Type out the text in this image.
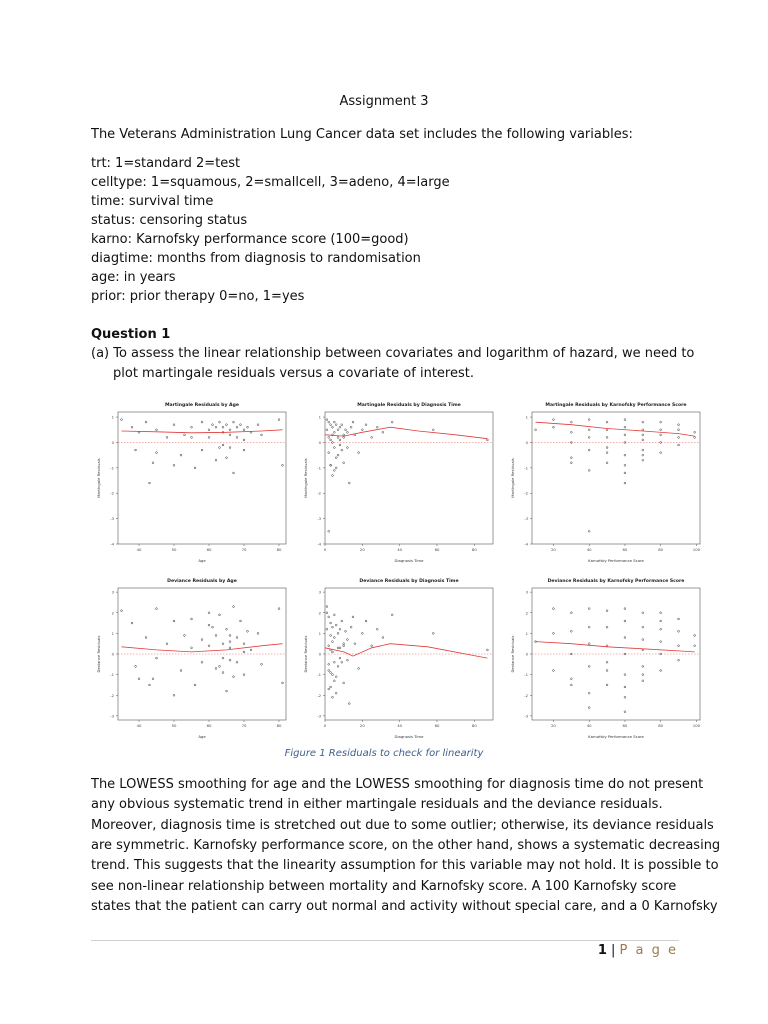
Assignment 3
The Veterans Administration Lung Cancer data set includes the following variables:
trt: 1=standard 2=test
celltype: 1=squamous, 2=smallcell, 3=adeno, 4=large
time: survival time
status: censoring status
karno: Karnofsky performance score (100=good)
diagtime: months from diagnosis to randomisation
age: in years
prior: prior therapy 0=no, 1=yes
Question 1
(a) To assess the linear relationship between covariates and logarithm of hazard, we need to
plot martingale residuals versus a covariate of interest.
Martingale Residuals by Age
1
0
-1
-2
-3
-4
40	50	60	70	80
Age
Martingale Residuals
Martingale Residuals by Diagnosis Time
1
0
-1
-2
-3
-4
0	20	40	60	80
Diagnosis Time
Martingale Residuals
Martingale Residuals by Karnofsky Performance Score
1
0
-1
-2
-3
-4
20	40	60	80	100
Karnofsky Performance Score
Martingale Residuals
Deviance Residuals by Age
3
2
1
0
-1
-2
-3
40	50	60	70	80
Age
Deviance Residuals
Deviance Residuals by Diagnosis Time
3
2
1
0
-1
-2
-3
0	20	40	60	80
Diagnosis Time
Deviance Residuals
Deviance Residuals by Karnofsky Performance Score
3
2
1
0
-1
-2
-3
20	40	60	80	100
Karnofsky Performance Score
Deviance Residuals
Figure 1 Residuals to check for linearity
The LOWESS smoothing for age and the LOWESS smoothing for diagnosis time do not present
any obvious systematic trend in either martingale residuals and the deviance residuals.
Moreover, diagnosis time is stretched out due to some outlier; otherwise, its deviance residuals
are symmetric. Karnofsky performance score, on the other hand, shows a systematic decreasing
trend. This suggests that the linearity assumption for this variable may not hold. It is possible to
see non-linear relationship between mortality and Karnofsky score. A 100 Karnofsky score
states that the patient can carry out normal and activity without special care, and a 0 Karnofsky
1 | P a g e
